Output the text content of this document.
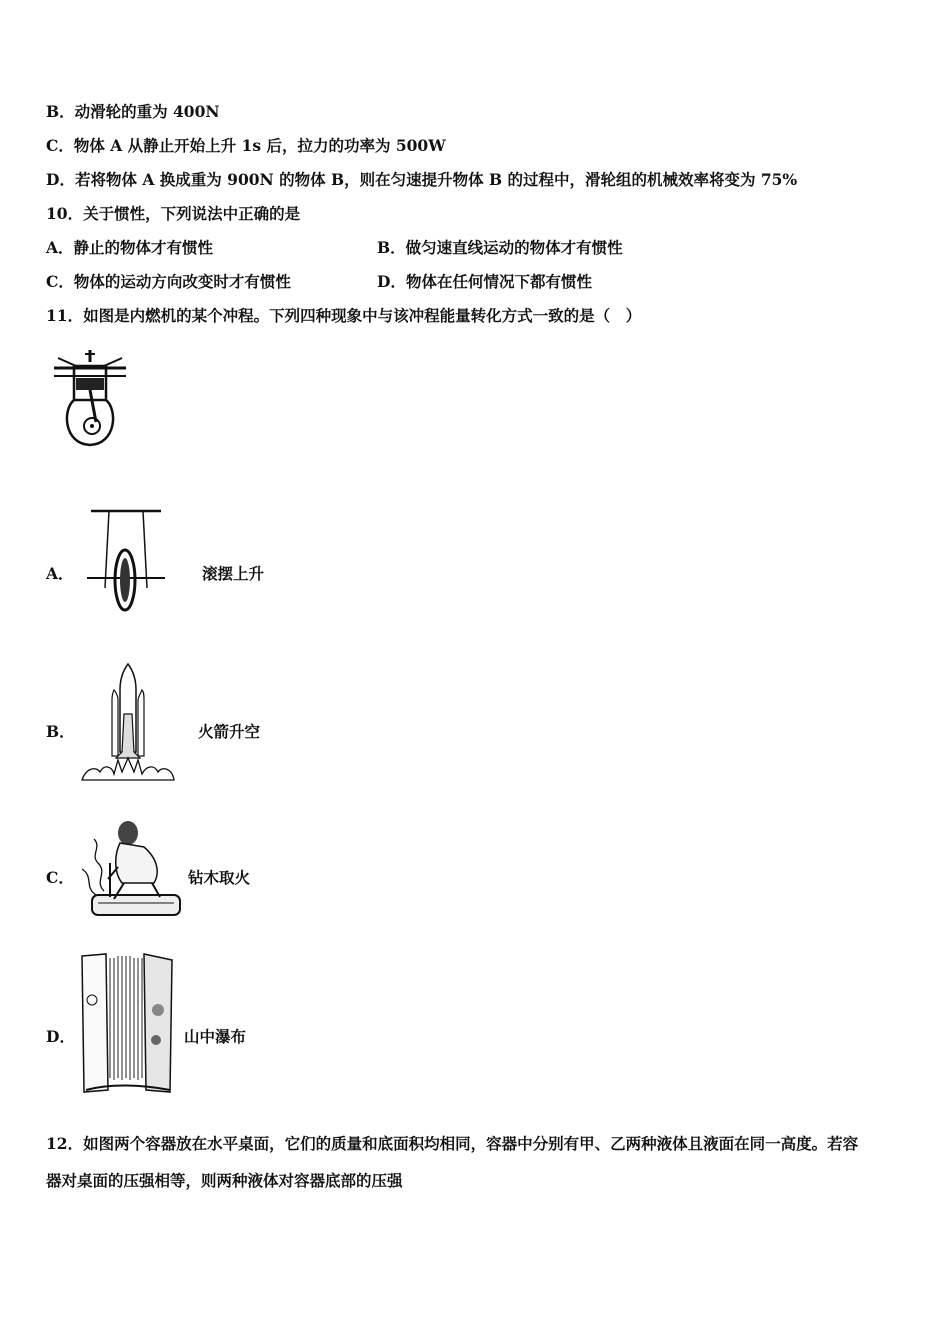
B．动滑轮的重为 400N
C．物体 A 从静止开始上升 1s 后，拉力的功率为 500W
D．若将物体 A 换成重为 900N 的物体 B，则在匀速提升物体 B 的过程中，滑轮组的机械效率将变为 75%
10．关于惯性，下列说法中正确的是
A．静止的物体才有惯性	B．做匀速直线运动的物体才有惯性
C．物体的运动方向改变时才有惯性	D．物体在任何情况下都有惯性
11．如图是内燃机的某个冲程。下列四种现象中与该冲程能量转化方式一致的是（　）
A．	滚摆上升
B．	火箭升空
C．	钻木取火
D．	山中瀑布
12．如图两个容器放在水平桌面，它们的质量和底面积均相同，容器中分别有甲、乙两种液体且液面在同一高度。若容
器对桌面的压强相等，则两种液体对容器底部的压强
